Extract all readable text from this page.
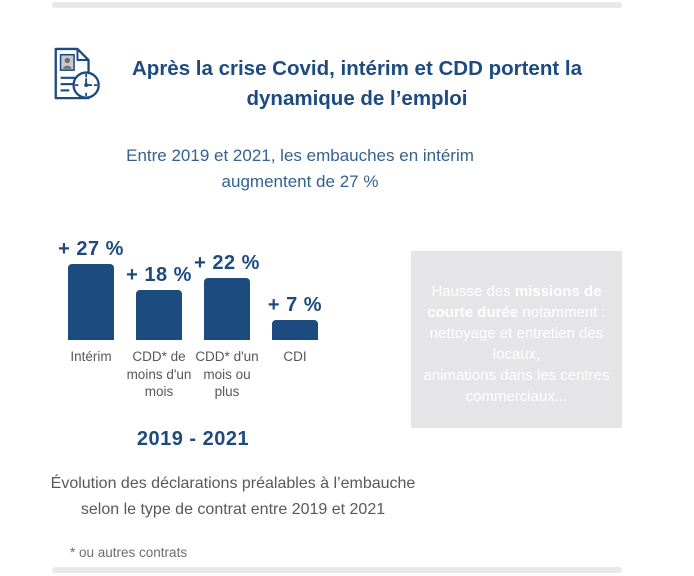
Après la crise Covid, intérim et CDD portent la
dynamique de l’emploi
Entre 2019 et 2021, les embauches en intérim
augmentent de 27 %
+ 27 %
+ 18 %
+ 22 %
+ 7 %
Intérim	CDD* de
moins d'un
mois
CDD* d'un
mois ou
plus
CDI
2019 - 2021

Hausse des missions de courte durée notamment :

nettoyage et entretien des locaux,

animations dans les centres commerciaux...

Évolution des déclarations préalables à l’embauche
selon le type de contrat entre 2019 et 2021
* ou autres contrats
